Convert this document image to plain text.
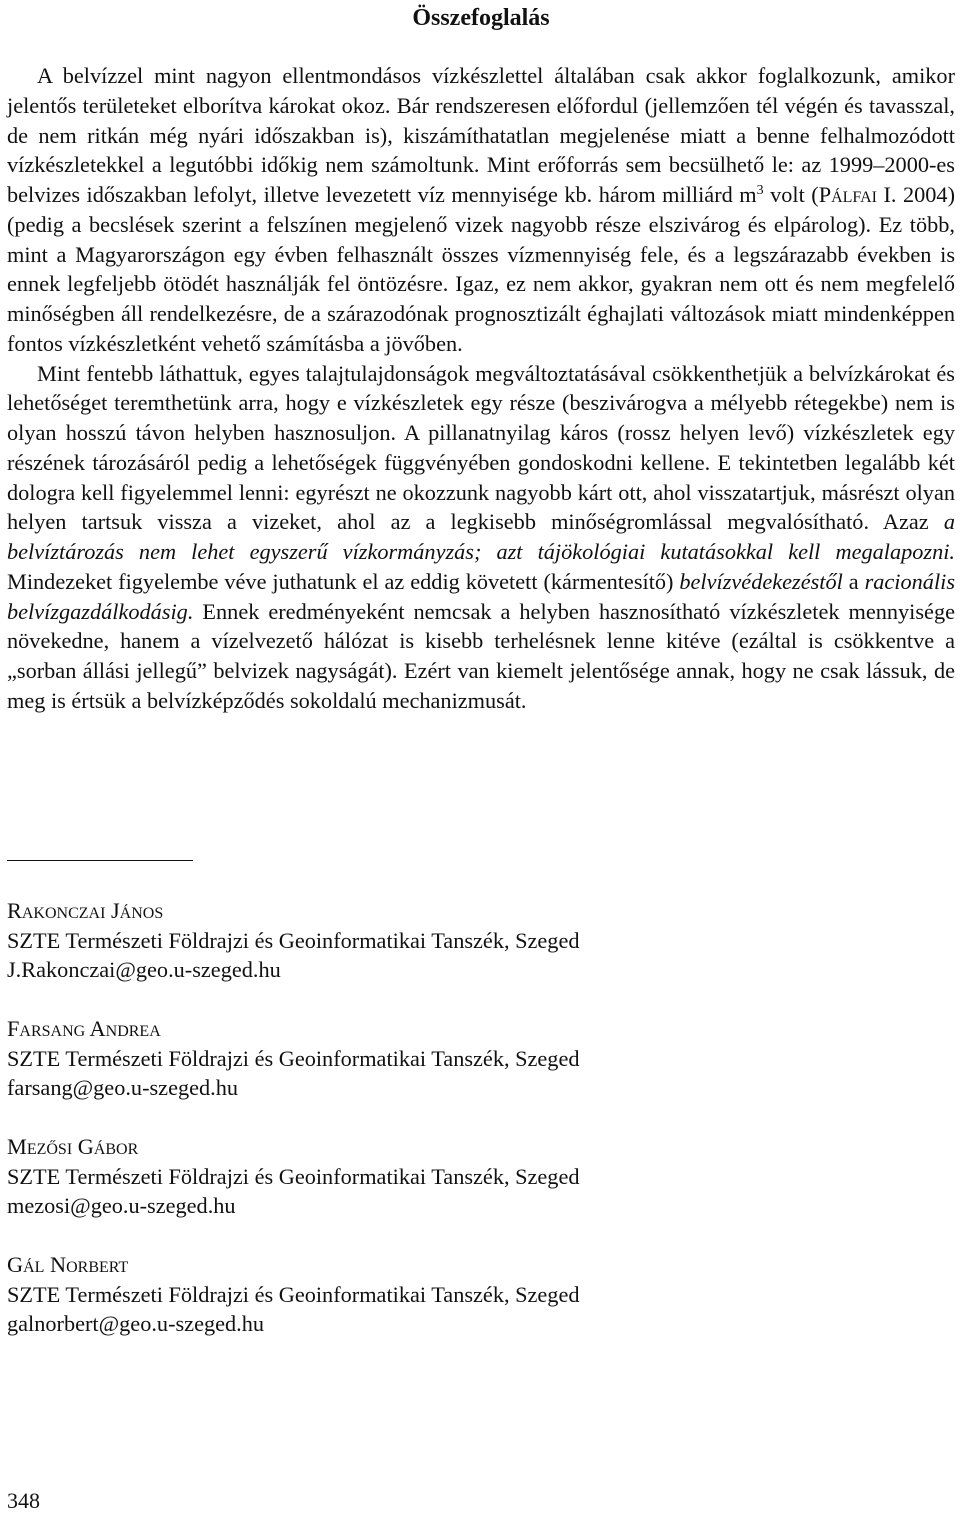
Összefoglalás

A belvízzel mint nagyon ellentmondásos vízkészlettel általában csak akkor foglalkozunk, amikor jelentős területeket elborítva károkat okoz. Bár rendszeresen előfordul (jellemzően tél végén és tavasszal, de nem ritkán még nyári időszakban is), kiszámíthatatlan megjelenése miatt a benne felhalmozódott vízkészletekkel a legutóbbi időkig nem számoltunk. Mint erőforrás sem becsülhető le: az 1999–2000-es belvizes időszakban lefolyt, illetve levezetett víz mennyisége kb. három milliárd $m^3$ volt (Pálfai I. 2004) (pedig a becslések szerint a felszínen megjelenő vizek nagyobb része elszivárog és elpárolog). Ez több, mint a Magyarországon egy évben felhasznált összes vízmennyiség fele, és a legszárazabb években is ennek legfeljebb ötödét használják fel öntözésre. Igaz, ez nem akkor, gyakran nem ott és nem megfelelő minőségben áll rendelkezésre, de a szárazodónak prognosztizált éghajlati változások miatt mindenképpen fontos vízkészletként vehető számításba a jövőben.

Mint fentebb láthattuk, egyes talajtulajdonságok megváltoztatásával csökkenthetjük a belvízkárokat és lehetőséget teremthetünk arra, hogy e vízkészletek egy része (beszivárogva a mélyebb rétegekbe) nem is olyan hosszú távon helyben hasznosuljon. A pillanatnyilag káros (rossz helyen levő) vízkészletek egy részének tározásáról pedig a lehetőségek függvényében gondoskodni kellene. E tekintetben legalább két dologra kell figyelemmel lenni: egyrészt ne okozzunk nagyobb kárt ott, ahol visszatartjuk, másrészt olyan helyen tartsuk vissza a vizeket, ahol az a legkisebb minőségromlással megvalósítható. Azaz a belvíztározás nem lehet egyszerű vízkormányzás; azt tájökológiai kutatásokkal kell megalapozni. Mindezeket figyelembe véve juthatunk el az eddig követett (kármentesítő) belvízvédekezéstől a racionális belvízgazdálkodásig. Ennek eredményeként nemcsak a helyben hasznosítható vízkészletek mennyisége növekedne, hanem a vízelvezető hálózat is kisebb terhelésnek lenne kitéve (ezáltal is csökkentve a „sorban állási jellegű” belvizek nagyságát). Ezért van kiemelt jelentősége annak, hogy ne csak lássuk, de meg is értsük a belvízképződés sokoldalú mechanizmusát.

Rakonczai János
SZTE Természeti Földrajzi és Geoinformatikai Tanszék, Szeged
J.Rakonczai@geo.u-szeged.hu
Farsang Andrea
SZTE Természeti Földrajzi és Geoinformatikai Tanszék, Szeged
farsang@geo.u-szeged.hu
Mezősi Gábor
SZTE Természeti Földrajzi és Geoinformatikai Tanszék, Szeged
mezosi@geo.u-szeged.hu
Gál Norbert
SZTE Természeti Földrajzi és Geoinformatikai Tanszék, Szeged
galnorbert@geo.u-szeged.hu
348
